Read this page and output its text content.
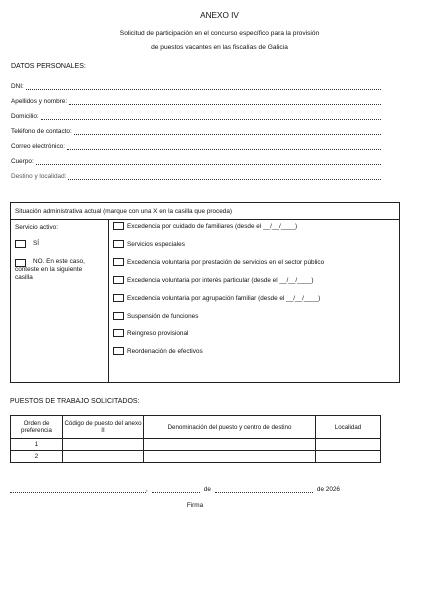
ANEXO IV
Solicitud de participación en el concurso específico para la provisión
de puestos vacantes en las fiscalías de Galicia
DATOS PERSONALES:
DNI:
Apellidos y nombre:
Domicilio:
Teléfono de contacto:
Correo electrónico:
Cuerpo:
Destino y localidad:
Situación administrativa actual (marque con una X en la casilla que proceda)
Servicio activo:
SÍ
NO. En este caso,
conteste en la siguiente
casilla
Excedencia por cuidado de familiares (desde el __/__/____)
Servicios especiales
Excedencia voluntaria por prestación de servicios en el sector público
Excedencia voluntaria por interés particular (desde el __/__/____)
Excedencia voluntaria por agrupación familiar (desde el __/__/____)
Suspensión de funciones
Reingreso provisional
Reordenación de efectivos
PUESTOS DE TRABAJO SOLICITADOS:
Orden de preferencia	Código de puesto del anexo II	Denominación del puesto y centro de destino	Localidad
1			
2			
,	de	de 2026
Firma
